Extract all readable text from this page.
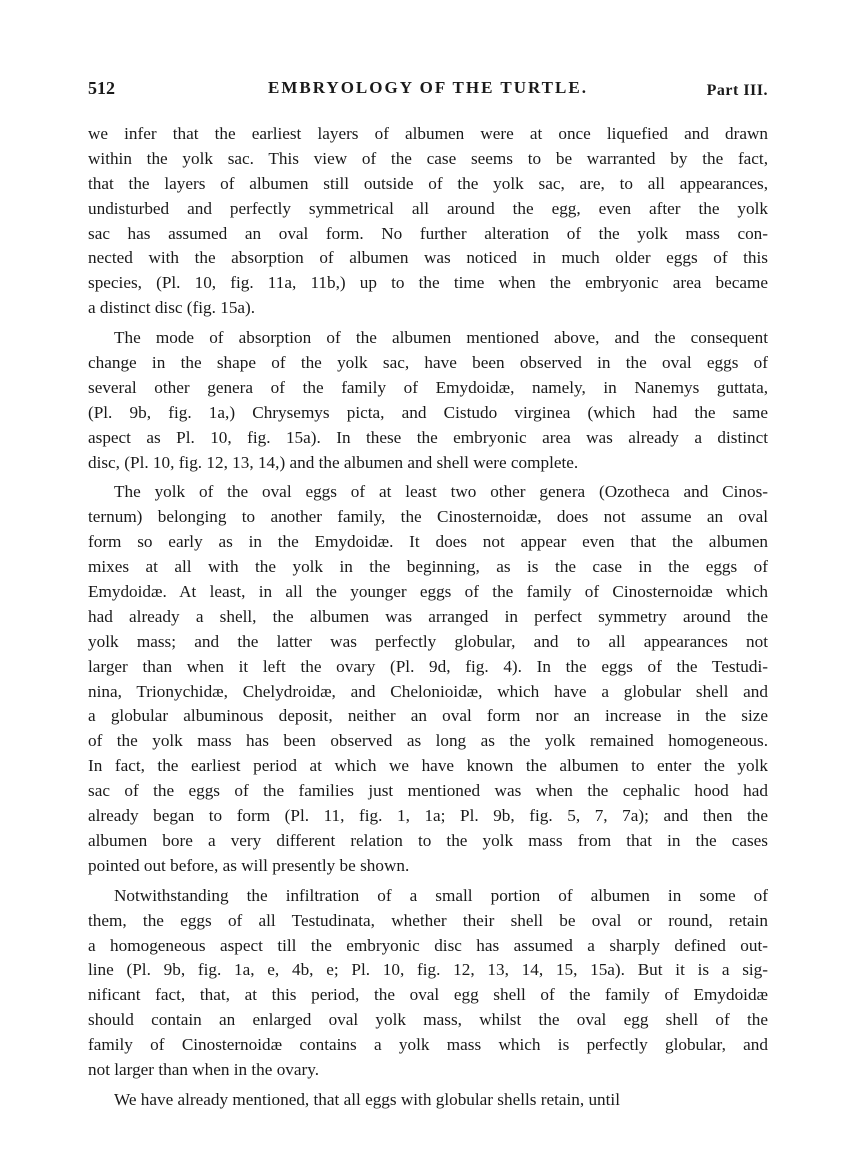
512	EMBRYOLOGY OF THE TURTLE.	Part III.
we infer that the earliest layers of albumen were at once liquefied and drawn
within the yolk sac. This view of the case seems to be warranted by the fact,
that the layers of albumen still outside of the yolk sac, are, to all appearances,
undisturbed and perfectly symmetrical all around the egg, even after the yolk
sac has assumed an oval form. No further alteration of the yolk mass con-
nected with the absorption of albumen was noticed in much older eggs of this
species, (Pl. 10, fig. 11a, 11b,) up to the time when the embryonic area became
a distinct disc (fig. 15a).
The mode of absorption of the albumen mentioned above, and the consequent
change in the shape of the yolk sac, have been observed in the oval eggs of
several other genera of the family of Emydoidæ, namely, in Nanemys guttata,
(Pl. 9b, fig. 1a,) Chrysemys picta, and Cistudo virginea (which had the same
aspect as Pl. 10, fig. 15a). In these the embryonic area was already a distinct
disc, (Pl. 10, fig. 12, 13, 14,) and the albumen and shell were complete.
The yolk of the oval eggs of at least two other genera (Ozotheca and Cinos-
ternum) belonging to another family, the Cinosternoidæ, does not assume an oval
form so early as in the Emydoidæ. It does not appear even that the albumen
mixes at all with the yolk in the beginning, as is the case in the eggs of
Emydoidæ. At least, in all the younger eggs of the family of Cinosternoidæ which
had already a shell, the albumen was arranged in perfect symmetry around the
yolk mass; and the latter was perfectly globular, and to all appearances not
larger than when it left the ovary (Pl. 9d, fig. 4). In the eggs of the Testudi-
nina, Trionychidæ, Chelydroidæ, and Chelonioidæ, which have a globular shell and
a globular albuminous deposit, neither an oval form nor an increase in the size
of the yolk mass has been observed as long as the yolk remained homogeneous.
In fact, the earliest period at which we have known the albumen to enter the yolk
sac of the eggs of the families just mentioned was when the cephalic hood had
already began to form (Pl. 11, fig. 1, 1a; Pl. 9b, fig. 5, 7, 7a); and then the
albumen bore a very different relation to the yolk mass from that in the cases
pointed out before, as will presently be shown.
Notwithstanding the infiltration of a small portion of albumen in some of
them, the eggs of all Testudinata, whether their shell be oval or round, retain
a homogeneous aspect till the embryonic disc has assumed a sharply defined out-
line (Pl. 9b, fig. 1a, e, 4b, e; Pl. 10, fig. 12, 13, 14, 15, 15a). But it is a sig-
nificant fact, that, at this period, the oval egg shell of the family of Emydoidæ
should contain an enlarged oval yolk mass, whilst the oval egg shell of the
family of Cinosternoidæ contains a yolk mass which is perfectly globular, and
not larger than when in the ovary.
We have already mentioned, that all eggs with globular shells retain, until
